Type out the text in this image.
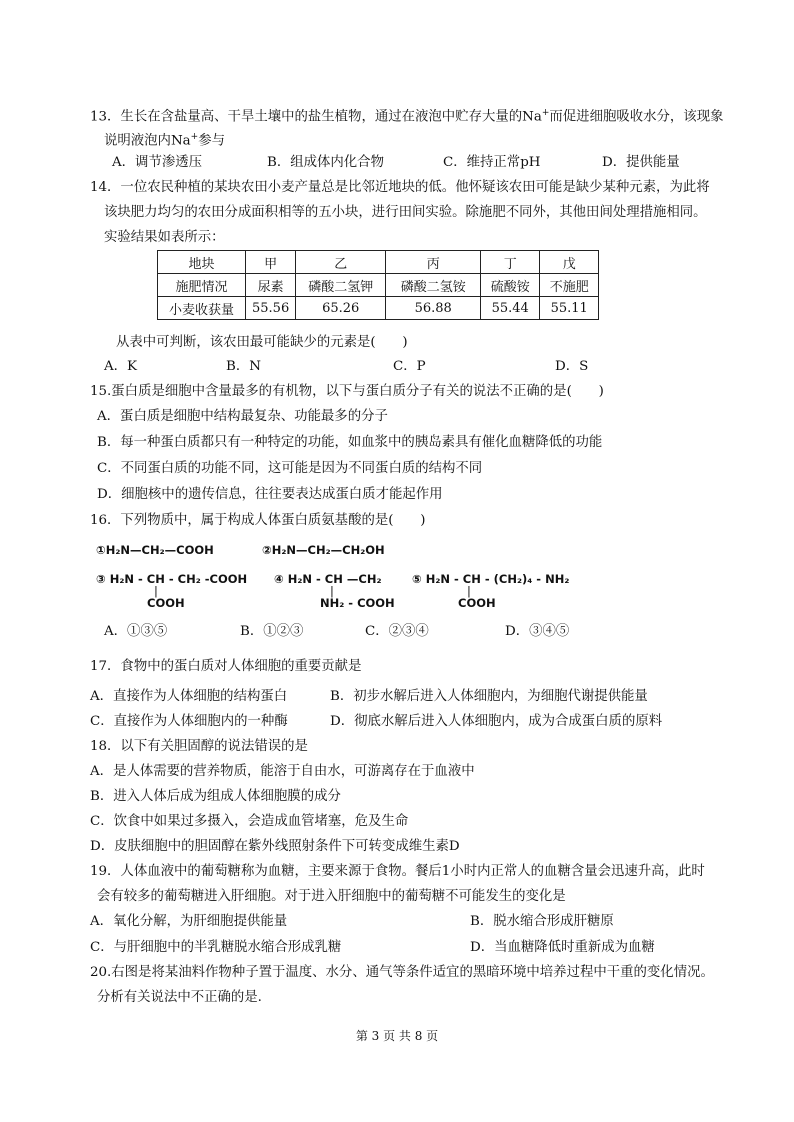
13．生长在含盐量高、干旱土壤中的盐生植物，通过在液泡中贮存大量的Na+而促进细胞吸收水分，该现象
说明液泡内Na+参与
A．调节渗透压	B．组成体内化合物	C．维持正常pH	D．提供能量
14．一位农民种植的某块农田小麦产量总是比邻近地块的低。他怀疑该农田可能是缺少某种元素，为此将
该块肥力均匀的农田分成面积相等的五小块，进行田间实验。除施肥不同外，其他田间处理措施相同。
实验结果如表所示：
地块	甲	乙	丙	丁	戊
施肥情况	尿素	磷酸二氢钾	磷酸二氢铵	硫酸铵	不施肥
小麦收获量	55.56	65.26	56.88	55.44	55.11
从表中可判断，该农田最可能缺少的元素是(　　)
A．K	B．N	C．P	D．S
15.蛋白质是细胞中含量最多的有机物，以下与蛋白质分子有关的说法不正确的是(　　)
A．蛋白质是细胞中结构最复杂、功能最多的分子
B．每一种蛋白质都只有一种特定的功能，如血浆中的胰岛素具有催化血糖降低的功能
C．不同蛋白质的功能不同，这可能是因为不同蛋白质的结构不同
D．细胞核中的遗传信息，往往要表达成蛋白质才能起作用
16．下列物质中，属于构成人体蛋白质氨基酸的是(　　)
①H₂N—CH₂—COOH	②H₂N—CH₂—CH₂OH
③ H₂N - CH - CH₂ -COOH
|
COOH
④ H₂N - CH —CH₂
|
NH₂ - COOH
⑤ H₂N - CH - (CH₂)₄ - NH₂
|
COOH
A．①③⑤	B．①②③	C．②③④	D．③④⑤
17．食物中的蛋白质对人体细胞的重要贡献是
A．直接作为人体细胞的结构蛋白	B．初步水解后进入人体细胞内，为细胞代谢提供能量
C．直接作为人体细胞内的一种酶	D．彻底水解后进入人体细胞内，成为合成蛋白质的原料
18．以下有关胆固醇的说法错误的是
A．是人体需要的营养物质，能溶于自由水，可游离存在于血液中
B．进入人体后成为组成人体细胞膜的成分
C．饮食中如果过多摄入，会造成血管堵塞，危及生命
D．皮肤细胞中的胆固醇在紫外线照射条件下可转变成维生素D
19．人体血液中的葡萄糖称为血糖，主要来源于食物。餐后1小时内正常人的血糖含量会迅速升高，此时
会有较多的葡萄糖进入肝细胞。对于进入肝细胞中的葡萄糖不可能发生的变化是
A．氧化分解，为肝细胞提供能量	B．脱水缩合形成肝糖原
C．与肝细胞中的半乳糖脱水缩合形成乳糖	D．当血糖降低时重新成为血糖
20.右图是将某油料作物种子置于温度、水分、通气等条件适宜的黑暗环境中培养过程中干重的变化情况。
分析有关说法中不正确的是.
第 3 页 共 8 页
